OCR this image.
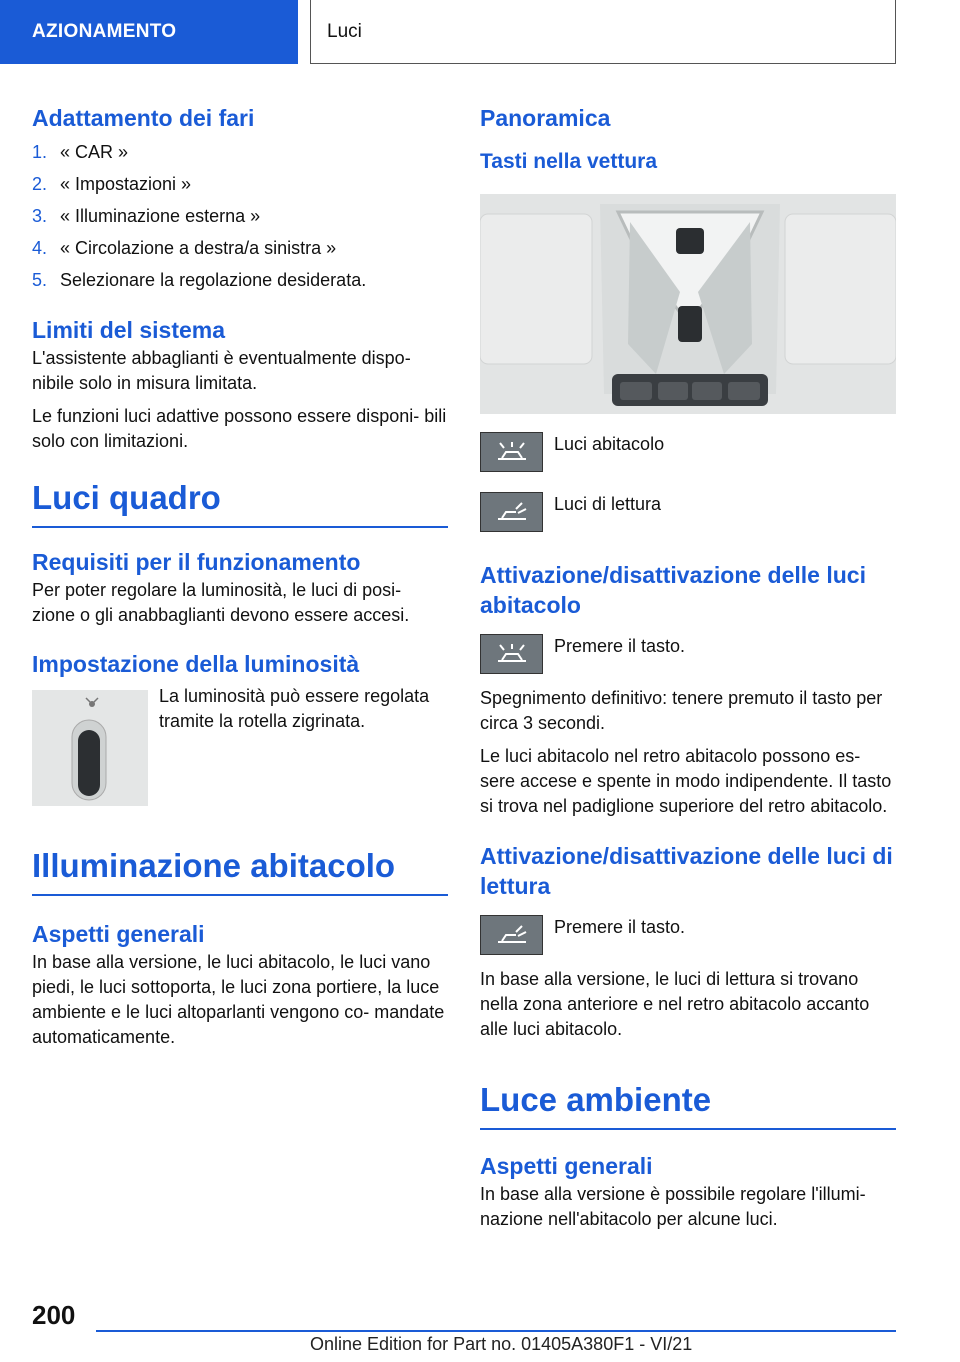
AZIONAMENTO	Luci
Adattamento dei fari
1. « CAR »
2. « Impostazioni »
3. « Illuminazione esterna »
4. « Circolazione a destra/a sinistra »
5. Selezionare la regolazione desiderata.
Limiti del sistema

L'assistente abbaglianti è eventualmente dispo‐ nibile solo in misura limitata.

Le funzioni luci adattive possono essere disponi‐ bili solo con limitazioni.

Luci quadro
Requisiti per il funzionamento

Per poter regolare la luminosità, le luci di posi‐ zione o gli anabbaglianti devono essere accesi.

Impostazione della luminosità

La luminosità può essere regolata tramite la rotella zigrinata.

Illuminazione abitacolo
Aspetti generali

In base alla versione, le luci abitacolo, le luci vano piedi, le luci sottoporta, le luci zona portiere, la luce ambiente e le luci altoparlanti vengono co‐ mandate automaticamente.

Panoramica
Tasti nella vettura
Luci abitacolo
Luci di lettura
Attivazione/disattivazione delle luci abitacolo
Premere il tasto.

Spegnimento definitivo: tenere premuto il tasto per circa 3 secondi.

Le luci abitacolo nel retro abitacolo possono es‐ sere accese e spente in modo indipendente. Il tasto si trova nel padiglione superiore del retro abitacolo.

Attivazione/disattivazione delle luci di lettura
Premere il tasto.

In base alla versione, le luci di lettura si trovano nella zona anteriore e nel retro abitacolo accanto alle luci abitacolo.

Luce ambiente
Aspetti generali

In base alla versione è possibile regolare l'illumi‐ nazione nell'abitacolo per alcune luci.

200
Online Edition for Part no. 01405A380F1 - VI/21
